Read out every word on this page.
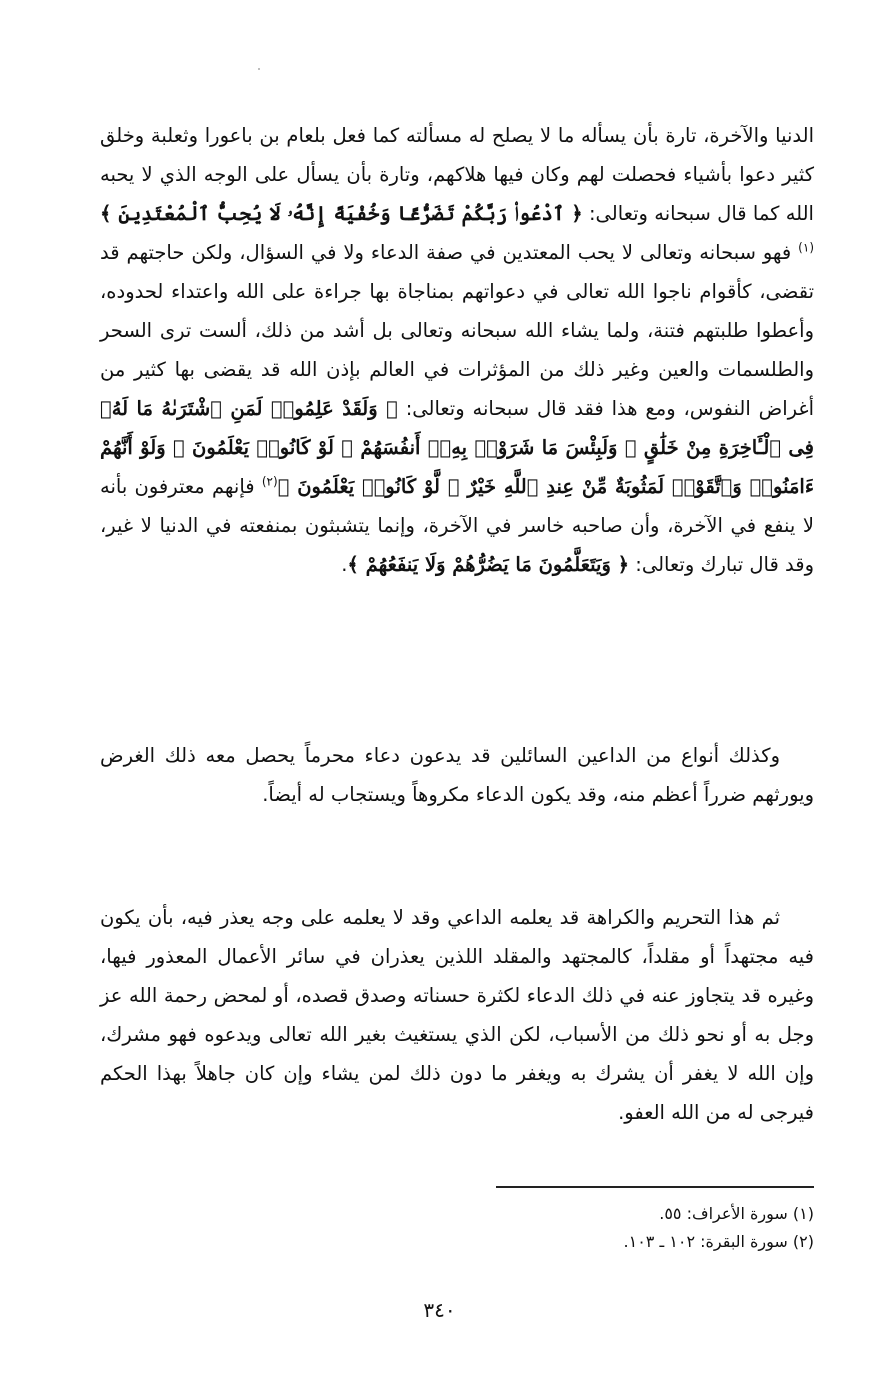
الدنيا والآخرة، تارة بأن يسأله ما لا يصلح له مسألته كما فعل بلعام بن باعورا وثعلبة وخلق كثير دعوا بأشياء فحصلت لهم وكان فيها هلاكهم، وتارة بأن يسأل على الوجه الذي لا يحبه الله كما قال سبحانه وتعالى: ﴿ ٱدْعُوا۟ رَبَّكُمْ تَضَرُّعًا وَخُفْيَةً إِنَّهُۥ لَا يُحِبُّ ٱلْمُعْتَدِينَ ﴾$^{(١)}$ فهو سبحانه وتعالى لا يحب المعتدين في صفة الدعاء ولا في السؤال، ولكن حاجتهم قد تقضى، كأقوام ناجوا الله تعالى في دعواتهم بمناجاة بها جراءة على الله واعتداء لحدوده، وأعطوا طلبتهم فتنة، ولما يشاء الله سبحانه وتعالى بل أشد من ذلك، ألست ترى السحر والطلسمات والعين وغير ذلك من المؤثرات في العالم بإذن الله قد يقضى بها كثير من أغراض النفوس، ومع هذا فقد قال سبحانه وتعالى: ﴿ وَلَقَدْ عَلِمُوا۟ لَمَنِ ٱشْتَرَىٰهُ مَا لَهُۥ فِى ٱلْـَٔاخِرَةِ مِنْ خَلَٰقٍ ۚ وَلَبِئْسَ مَا شَرَوْا۟ بِهِۦٓ أَنفُسَهُمْ ۚ لَوْ كَانُوا۟ يَعْلَمُونَ ۞ وَلَوْ أَنَّهُمْ ءَامَنُوا۟ وَٱتَّقَوْا۟ لَمَثُوبَةٌ مِّنْ عِندِ ٱللَّهِ خَيْرٌ ۖ لَّوْ كَانُوا۟ يَعْلَمُونَ ﴾$^{(٢)}$ فإنهم معترفون بأنه لا ينفع في الآخرة، وأن صاحبه خاسر في الآخرة، وإنما يتشبثون بمنفعته في الدنيا لا غير، وقد قال تبارك وتعالى: ﴿ وَيَتَعَلَّمُونَ مَا يَضُرُّهُمْ وَلَا يَنفَعُهُمْ ﴾.

وكذلك أنواع من الداعين السائلين قد يدعون دعاء محرماً يحصل معه ذلك الغرض ويورثهم ضرراً أعظم منه، وقد يكون الدعاء مكروهاً ويستجاب له أيضاً.

ثم هذا التحريم والكراهة قد يعلمه الداعي وقد لا يعلمه على وجه يعذر فيه، بأن يكون فيه مجتهداً أو مقلداً، كالمجتهد والمقلد اللذين يعذران في سائر الأعمال المعذور فيها، وغيره قد يتجاوز عنه في ذلك الدعاء لكثرة حسناته وصدق قصده، أو لمحض رحمة الله عز وجل به أو نحو ذلك من الأسباب، لكن الذي يستغيث بغير الله تعالى ويدعوه فهو مشرك، وإن الله لا يغفر أن يشرك به ويغفر ما دون ذلك لمن يشاء وإن كان جاهلاً بهذا الحكم فيرجى له من الله العفو.

(١) سورة الأعراف: ٥٥.

(٢) سورة البقرة: ١٠٢ ـ ١٠٣.

٣٤٠
